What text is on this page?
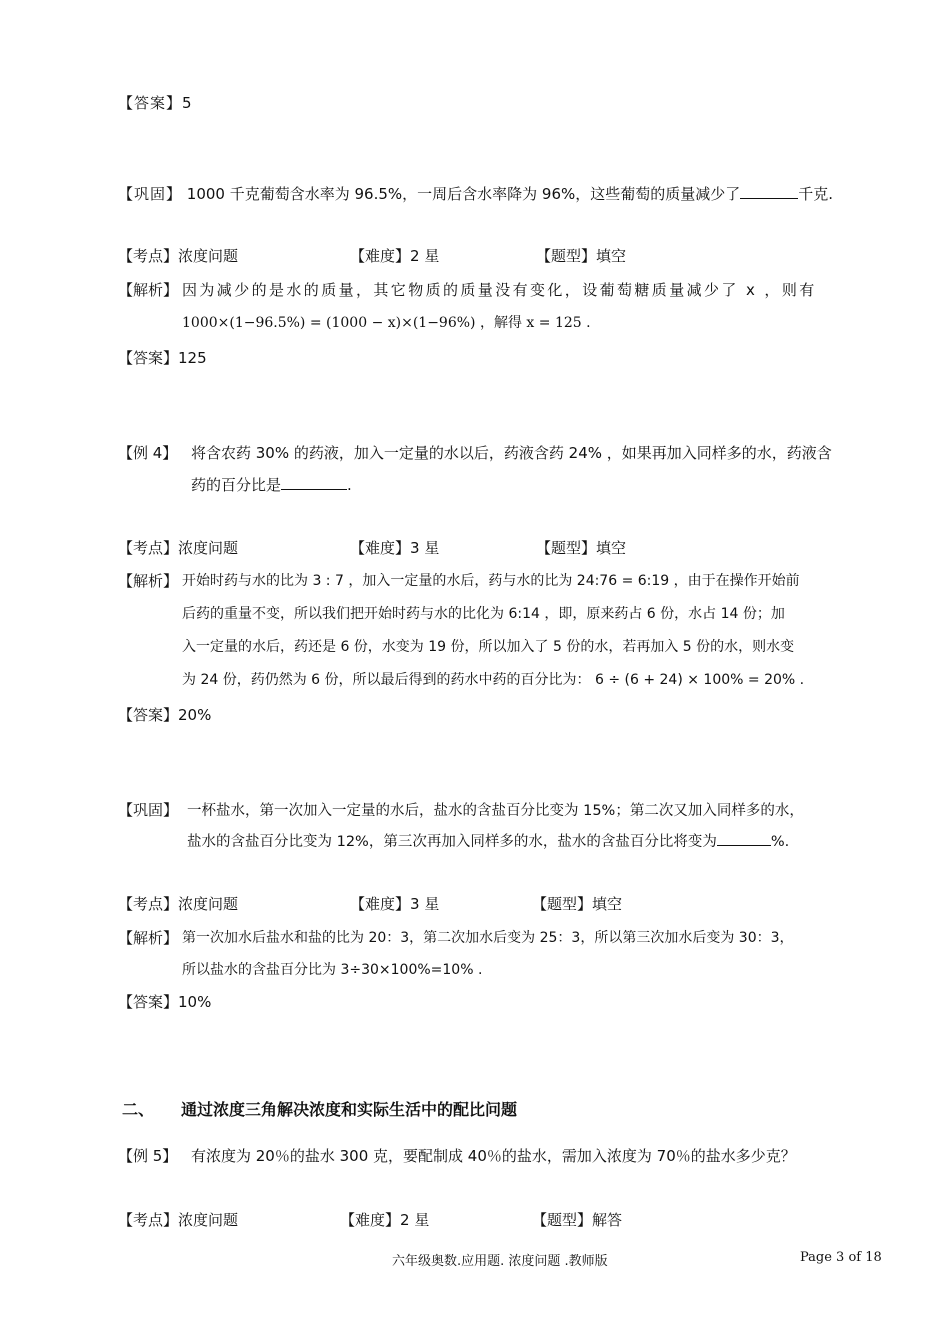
【答案】5
【巩固】 1000 千克葡萄含水率为 96.5%，一周后含水率降为 96%，这些葡萄的质量减少了	千克.
【考点】浓度问题	【难度】2 星	【题型】填空
【解析】 因为减少的是水的质量，其它物质的质量没有变化，设葡萄糖质量减少了 x ，则有
1000×(1−96.5%) = (1000 − x)×(1−96%) ，解得 x = 125 .
【答案】125
【例 4】 将含农药 30% 的药液，加入一定量的水以后，药液含药 24% ，如果再加入同样多的水，药液含
药的百分比是	.
【考点】浓度问题	【难度】3 星	【题型】填空
【解析】 开始时药与水的比为 3 : 7 ，加入一定量的水后，药与水的比为 24:76 = 6:19 ，由于在操作开始前
后药的重量不变，所以我们把开始时药与水的比化为 6:14 ，即，原来药占 6 份，水占 14 份；加
入一定量的水后，药还是 6 份，水变为 19 份，所以加入了 5 份的水，若再加入 5 份的水，则水变
为 24 份，药仍然为 6 份，所以最后得到的药水中药的百分比为： 6 ÷ (6 + 24) × 100% = 20% .
【答案】20%
【巩固】 一杯盐水，第一次加入一定量的水后，盐水的含盐百分比变为 15%；第二次又加入同样多的水，
盐水的含盐百分比变为 12%，第三次再加入同样多的水，盐水的含盐百分比将变为	%.
【考点】浓度问题	【难度】3 星	【题型】填空
【解析】 第一次加水后盐水和盐的比为 20：3，第二次加水后变为 25：3，所以第三次加水后变为 30：3，
所以盐水的含盐百分比为 3÷30×100%=10% .
【答案】10%
二、 通过浓度三角解决浓度和实际生活中的配比问题
【例 5】 有浓度为 20％的盐水 300 克，要配制成 40％的盐水，需加入浓度为 70％的盐水多少克？
【考点】浓度问题	【难度】2 星	【题型】解答
六年级奥数.应用题. 浓度问题 .教师版	Page 3 of 18
